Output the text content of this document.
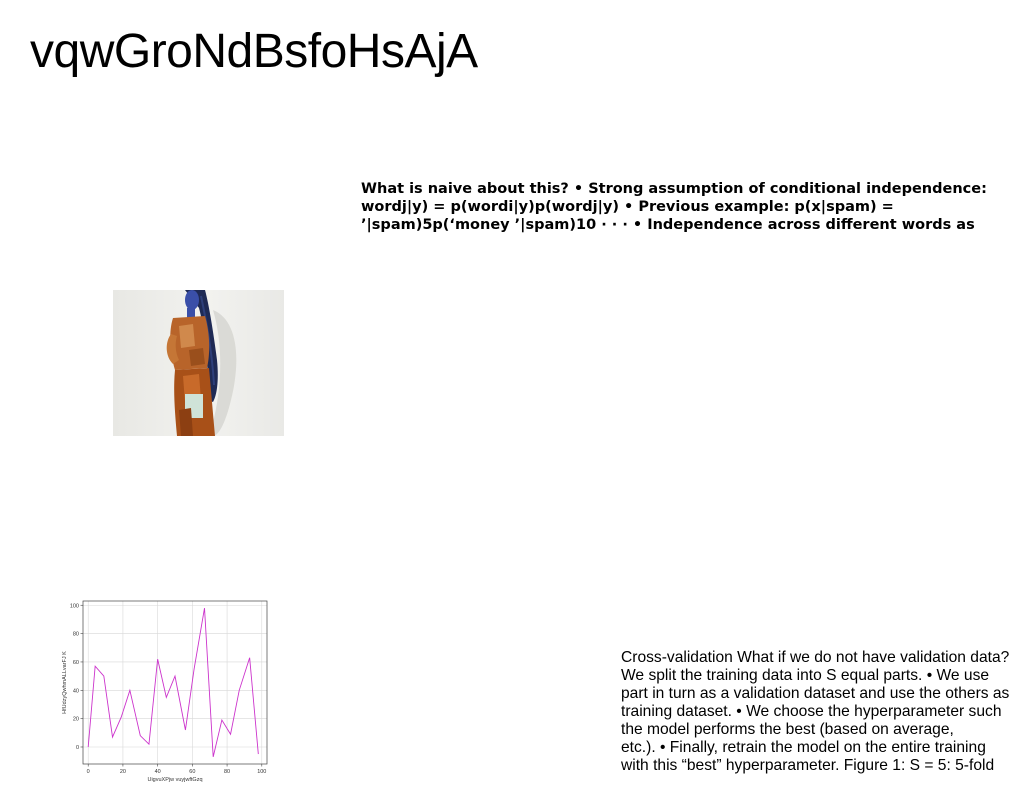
vqwGroNdBsfoHsAjA
What is naive about this? • Strong assumption of conditional independence:
wordj|y) = p(wordi|y)p(wordj|y) • Previous example: p(x|spam) =
’|spam)5p(‘money ’|spam)10 · · · • Independence across different words as
0	20	40	60	80	100
0
20
40
60
80
100
UigvuXPjw vuyjwftGzq
HfUdzyQwhmALLvarFJ K	Cross-validation What if we do not have validation data?
We split the training data into S equal parts. • We use
part in turn as a validation dataset and use the others as
training dataset. • We choose the hyperparameter such
the model performs the best (based on average,
etc.). • Finally, retrain the model on the entire training
with this “best” hyperparameter. Figure 1: S = 5: 5-fold
